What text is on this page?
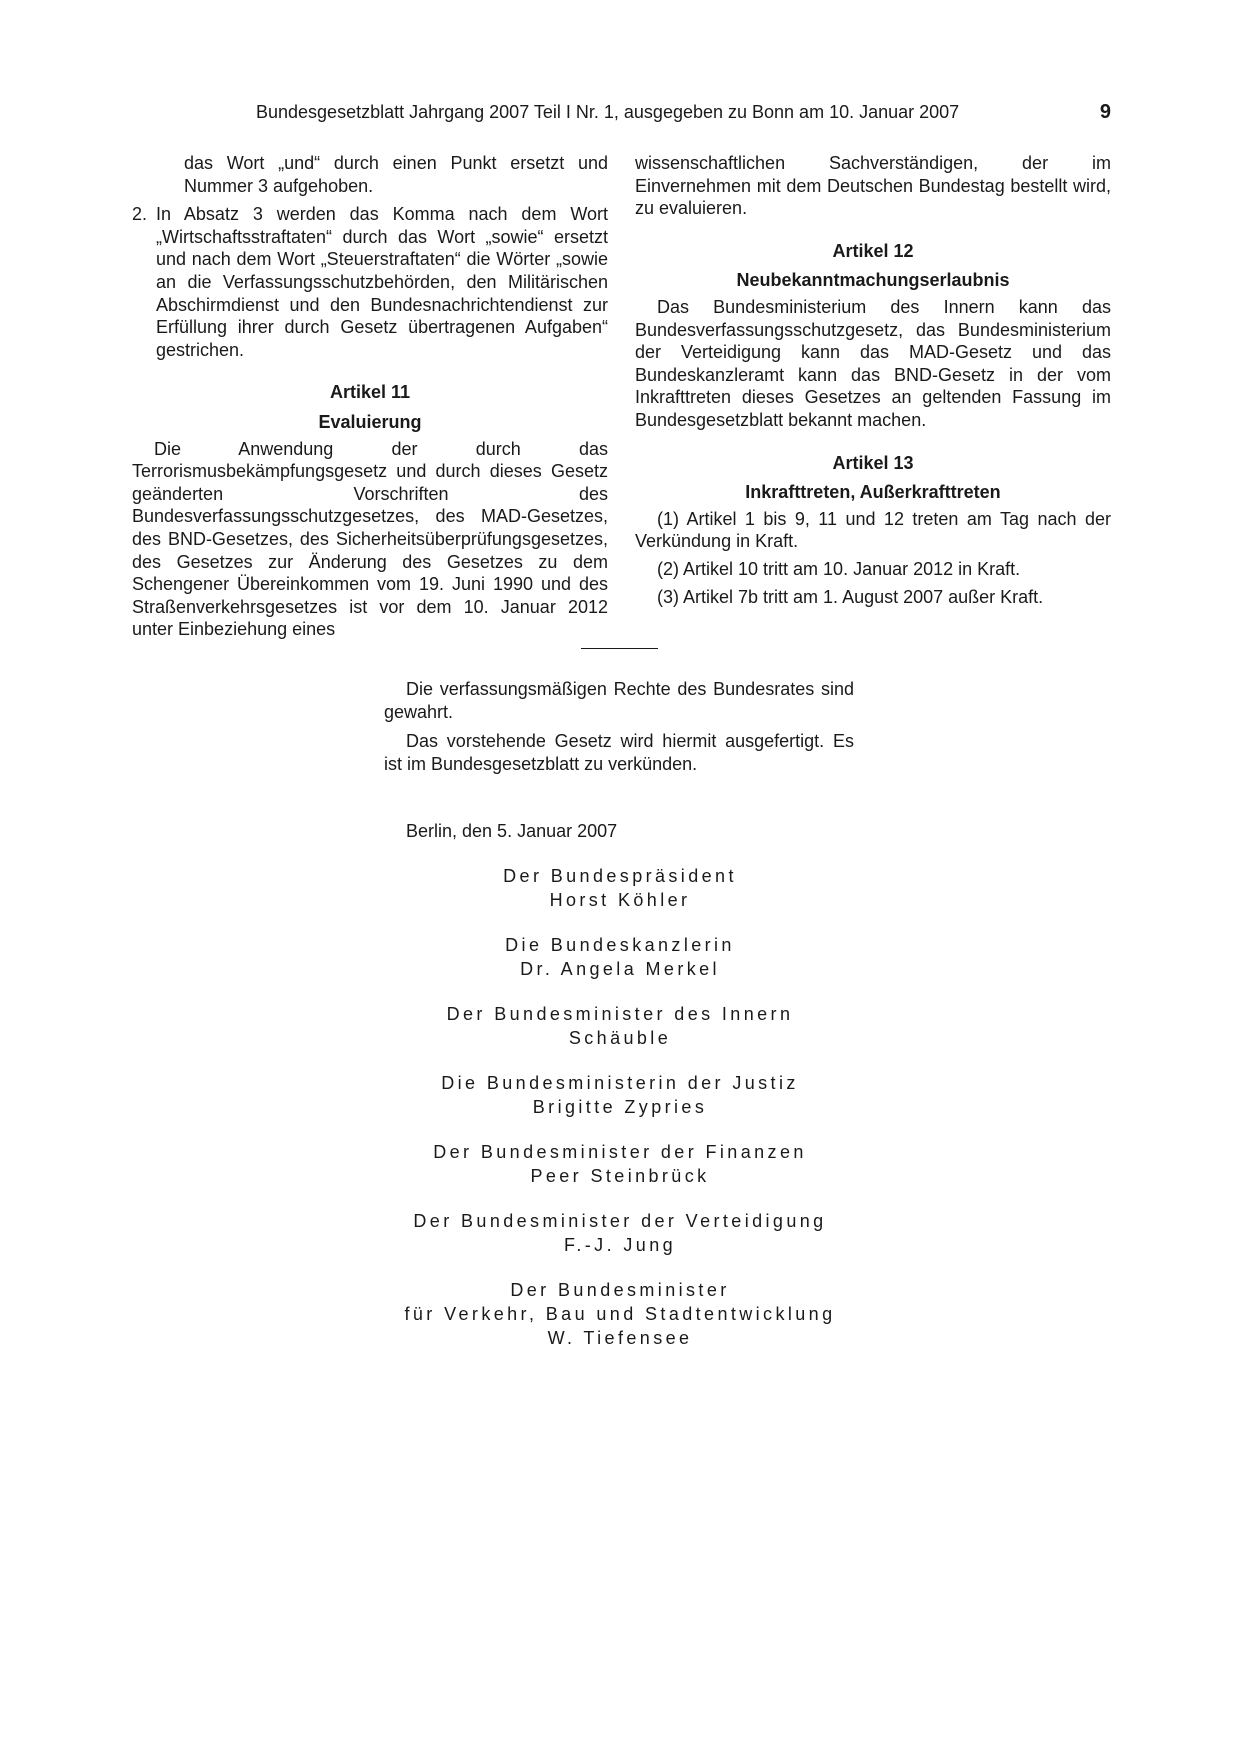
Bundesgesetzblatt Jahrgang 2007 Teil I Nr. 1, ausgegeben zu Bonn am 10. Januar 2007	9

das Wort „und“ durch einen Punkt ersetzt und Nummer 3 aufgehoben.

2. In Absatz 3 werden das Komma nach dem Wort „Wirtschaftsstraftaten“ durch das Wort „sowie“ ersetzt und nach dem Wort „Steuerstraftaten“ die Wörter „sowie an die Verfassungsschutzbehörden, den Militärischen Abschirmdienst und den Bundesnachrichtendienst zur Erfüllung ihrer durch Gesetz übertragenen Aufgaben“ gestrichen.

Artikel 11
Evaluierung

Die Anwendung der durch das Terrorismusbekämpfungsgesetz und durch dieses Gesetz geänderten Vorschriften des Bundesverfassungsschutzgesetzes, des MAD-Gesetzes, des BND-Gesetzes, des Sicherheitsüberprüfungsgesetzes, des Gesetzes zur Änderung des Gesetzes zu dem Schengener Übereinkommen vom 19. Juni 1990 und des Straßenverkehrsgesetzes ist vor dem 10. Januar 2012 unter Einbeziehung eines

wissenschaftlichen Sachverständigen, der im Einvernehmen mit dem Deutschen Bundestag bestellt wird, zu evaluieren.

Artikel 12
Neubekanntmachungserlaubnis

Das Bundesministerium des Innern kann das Bundesverfassungsschutzgesetz, das Bundesministerium der Verteidigung kann das MAD-Gesetz und das Bundeskanzleramt kann das BND-Gesetz in der vom Inkrafttreten dieses Gesetzes an geltenden Fassung im Bundesgesetzblatt bekannt machen.

Artikel 13
Inkrafttreten, Außerkrafttreten

(1) Artikel 1 bis 9, 11 und 12 treten am Tag nach der Verkündung in Kraft.

(2) Artikel 10 tritt am 10. Januar 2012 in Kraft.

(3) Artikel 7b tritt am 1. August 2007 außer Kraft.

Die verfassungsmäßigen Rechte des Bundesrates sind gewahrt.

Das vorstehende Gesetz wird hiermit ausgefertigt. Es ist im Bundesgesetzblatt zu verkünden.

Berlin, den 5. Januar 2007
Der Bundespräsident
Horst Köhler
Die Bundeskanzlerin
Dr. Angela Merkel
Der Bundesminister des Innern
Schäuble
Die Bundesministerin der Justiz
Brigitte Zypries
Der Bundesminister der Finanzen
Peer Steinbrück
Der Bundesminister der Verteidigung
F.-J. Jung
Der Bundesminister
für Verkehr, Bau und Stadtentwicklung
W. Tiefensee
